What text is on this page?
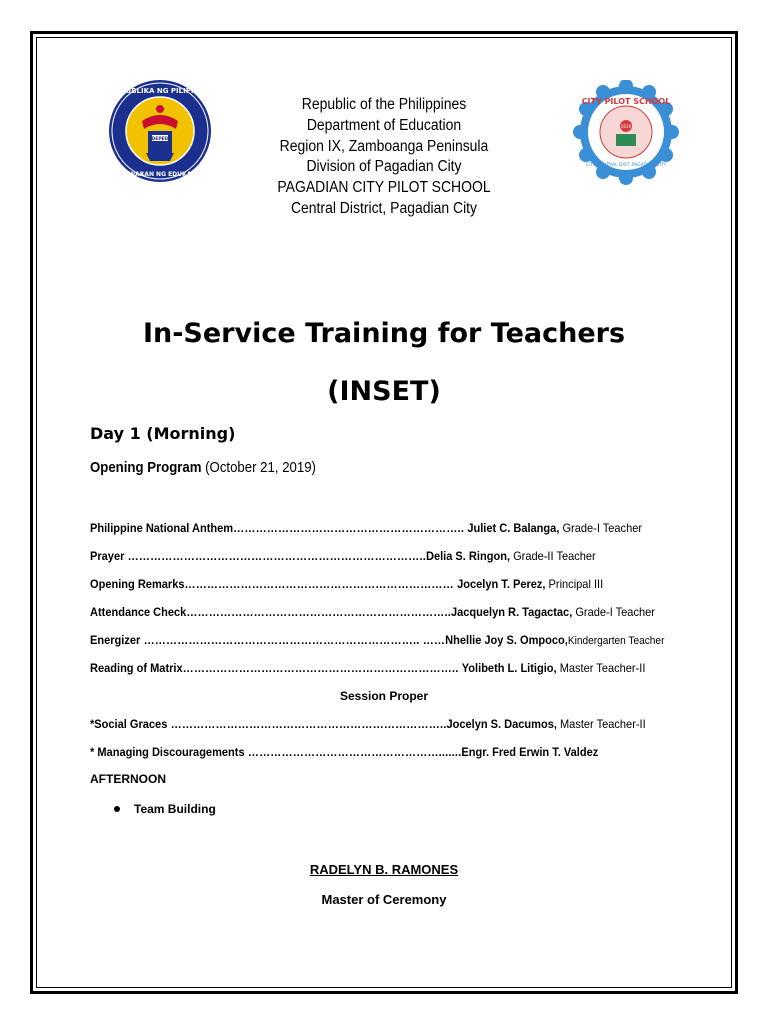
DEPED
REPUBLIKA NG PILIPINAS
KAGAWARAN NG EDUKASYON
2019
CITY PILOT SCHOOL
CITY CENTRAL DIST. PAGADIAN CITY
Republic of the Philippines
Department of Education
Region IX, Zamboanga Peninsula
Division of Pagadian City
PAGADIAN CITY PILOT SCHOOL
Central District, Pagadian City
In-Service Training for Teachers
(INSET)
Day 1 (Morning)
Opening Program (October 21, 2019)
Philippine National Anthem…………………………………………………….. Juliet C. Balanga, Grade-I Teacher
Prayer ……………………………………………………………………..Delia S. Ringon, Grade-II Teacher
Opening Remarks……………………………………………………………… Jocelyn T. Perez, Principal III
Attendance Check……………………………………………………………..Jacquelyn R. Tagactac, Grade-I Teacher
Energizer ……………………………………………………………….. ……Nhellie Joy S. Ompoco,Kindergarten Teacher
Reading of Matrix……………………………………………………………….. Yolibeth L. Litigio, Master Teacher-II
Session Proper
*Social Graces ………………………………………………………………..Jocelyn S. Dacumos, Master Teacher-II
* Managing Discouragements …………………………………………….......Engr. Fred Erwin T. Valdez
AFTERNOON
Team Building
RADELYN B. RAMONES
Master of Ceremony
